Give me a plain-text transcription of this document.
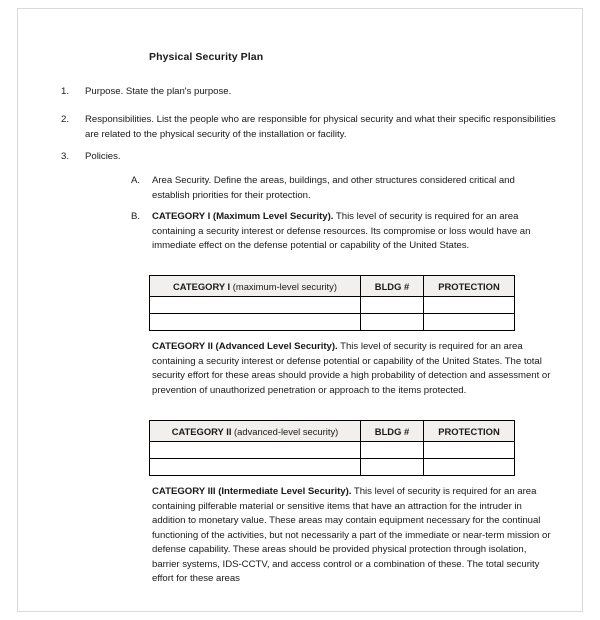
Physical Security Plan
1.	Purpose. State the plan's purpose.
2.	Responsibilities. List the people who are responsible for physical security and what their specific responsibilities are related to the physical security of the installation or facility.
3.	Policies.
A.	Area Security. Define the areas, buildings, and other structures considered critical and establish priorities for their protection.
B.	CATEGORY I (Maximum Level Security). This level of security is required for an area containing a security interest or defense resources. Its compromise or loss would have an immediate effect on the defense potential or capability of the United States.
CATEGORY I (maximum-level security)	BLDG #	PROTECTION

CATEGORY II (Advanced Level Security). This level of security is required for an area containing a security interest or defense potential or capability of the United States. The total security effort for these areas should provide a high probability of detection and assessment or prevention of unauthorized penetration or approach to the items protected.
CATEGORY II (advanced-level security)	BLDG #	PROTECTION

CATEGORY III (Intermediate Level Security). This level of security is required for an area containing pilferable material or sensitive items that have an attraction for the intruder in addition to monetary value. These areas may contain equipment necessary for the continual functioning of the activities, but not necessarily a part of the immediate or near-term mission or defense capability. These areas should be provided physical protection through isolation, barrier systems, IDS-CCTV, and access control or a combination of these. The total security effort for these areas
